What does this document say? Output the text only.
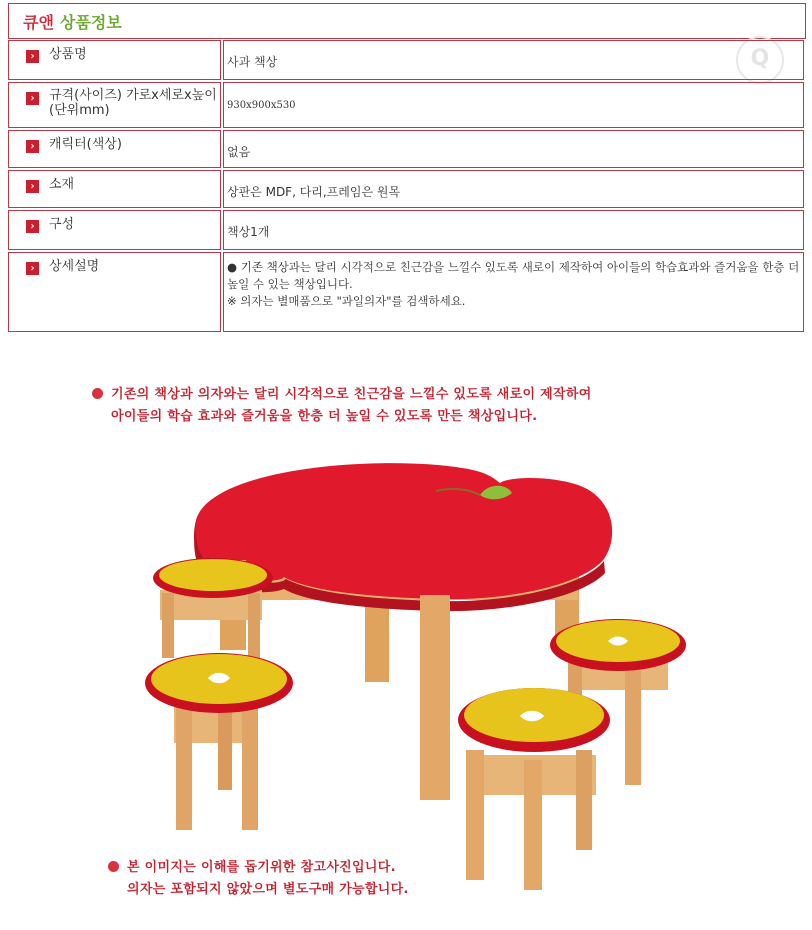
큐앤 상품정보
Q
›	상품명	사과 책상
›	규격(사이즈) 가로x세로x높이(단위mm)	930x900x530
›	캐릭터(색상)	없음
›	소재	상판은 MDF, 다리,프레임은 원목
›	구성	책상1개
›	상세설명	● 기존 책상과는 달리 시각적으로 친근감을 느낄수 있도록 새로이 제작하여 아이들의 학습효과와 즐거움을 한층 더 높일 수 있는 책상입니다.
※ 의자는 별매품으로 "과일의자"를 검색하세요.
기존의 책상과 의자와는 달리 시각적으로 친근감을 느낄수 있도록 새로이 제작하여
아이들의 학습 효과와 즐거움을 한층 더 높일 수 있도록 만든 책상입니다.
본 이미지는 이해를 돕기위한 참고사진입니다.
의자는 포함되지 않았으며 별도구매 가능합니다.
